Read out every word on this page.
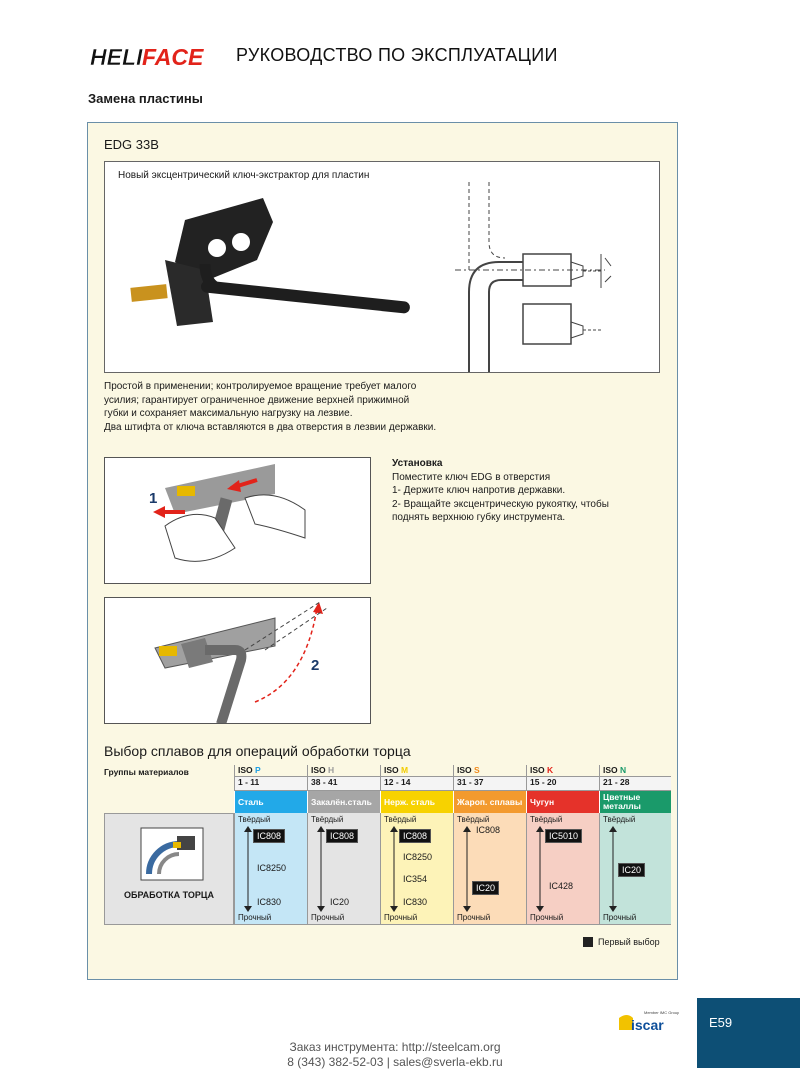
HELI FACE РУКОВОДСТВО ПО ЭКСПЛУАТАЦИИ
Замена пластины
EDG 33B
Новый эксцентрический ключ-экстрактор для пластин
Простой в применении; контролируемое вращение требует малого
усилия; гарантирует ограниченное движение верхней прижимной
губки и сохраняет максимальную нагрузку на лезвие.
Два штифта от ключа вставляются в два отверстия в лезвии державки.
1
2
Установка
Поместите ключ EDG в отверстия
1- Держите ключ напротив державки.
2- Вращайте эксцентрическую рукоятку, чтобы
поднять верхнюю губку инструмента.
Выбор сплавов для операций обработки торца
Группы материалов
ОБРАБОТКА ТОРЦА
ISO P
1 - 11
Сталь
Твёрдый
Прочный
IC808
IC8250
IC830
ISO H
38 - 41
Закалён.сталь
Твёрдый
Прочный
IC808
IC20
ISO M
12 - 14
Нерж. сталь
Твёрдый
Прочный
IC808
IC8250
IC354
IC830
ISO S
31 - 37
Жароп. сплавы
Твёрдый
Прочный
IC808
IC20
ISO K
15 - 20
Чугун
Твёрдый
Прочный
IC5010
IC428
ISO N
21 - 28
Цветные металлы
Твёрдый
Прочный
IC20
Первый выбор
Member IMC Group
iscar	E59
Заказ инструмента: http://steelcam.org
8 (343) 382-52-03 | sales@sverla-ekb.ru
